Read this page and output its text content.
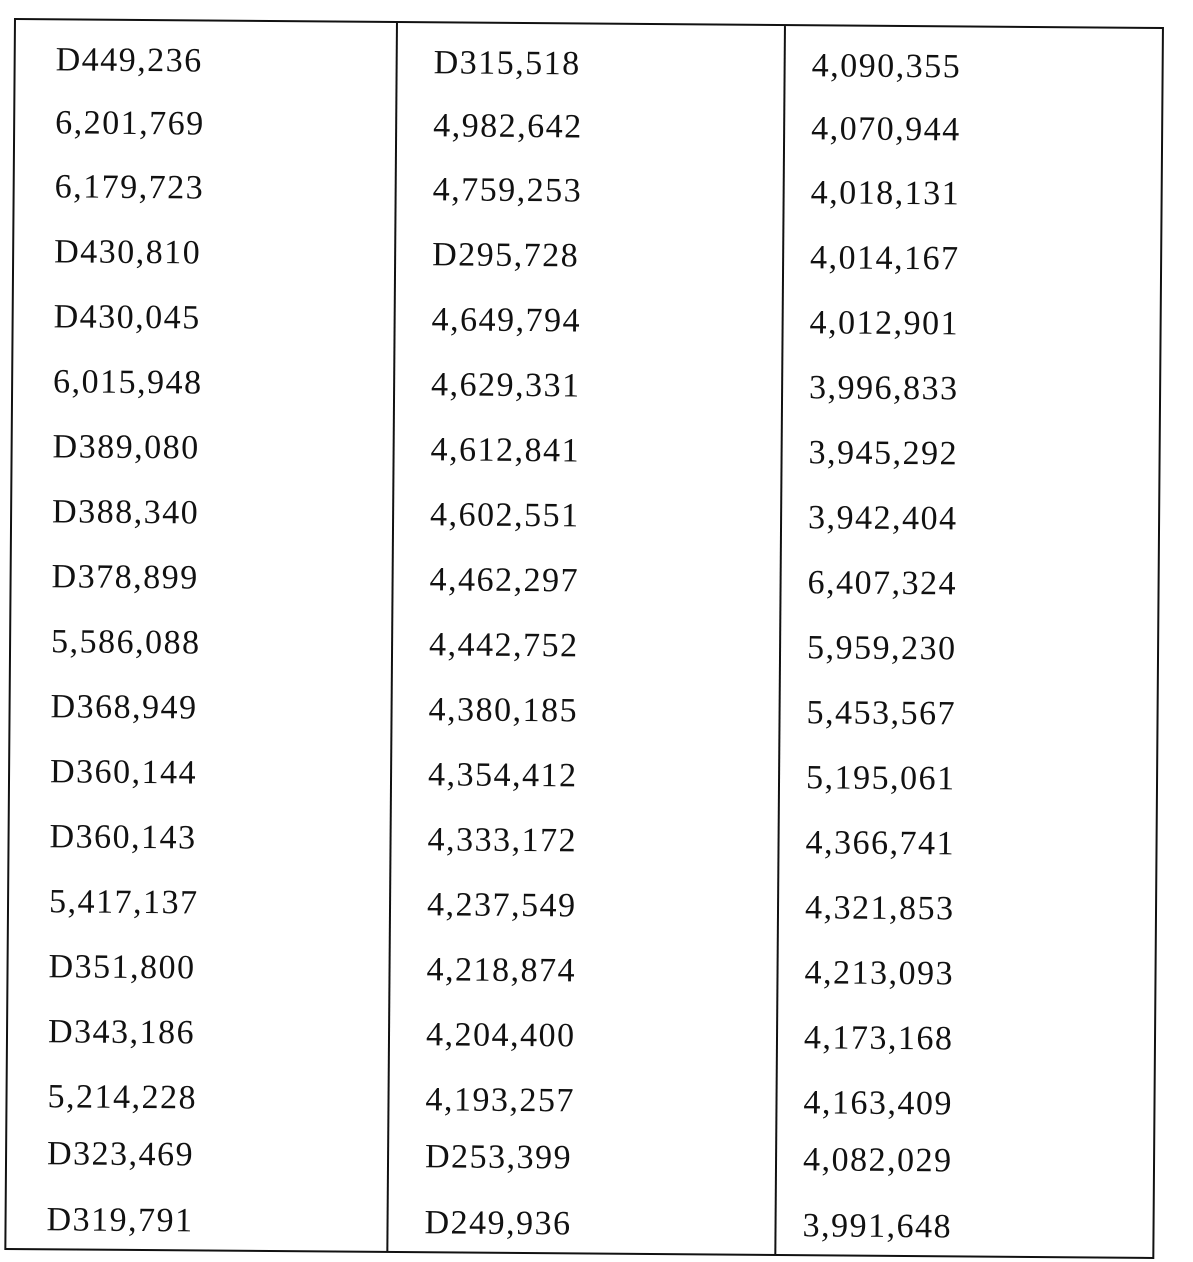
D449,236
6,201,769
6,179,723
D430,810
D430,045
6,015,948
D389,080
D388,340
D378,899
5,586,088
D368,949
D360,144
D360,143
5,417,137
D351,800
D343,186
5,214,228
D323,469
D319,791
D315,518
4,982,642
4,759,253
D295,728
4,649,794
4,629,331
4,612,841
4,602,551
4,462,297
4,442,752
4,380,185
4,354,412
4,333,172
4,237,549
4,218,874
4,204,400
4,193,257
D253,399
D249,936
4,090,355
4,070,944
4,018,131
4,014,167
4,012,901
3,996,833
3,945,292
3,942,404
6,407,324
5,959,230
5,453,567
5,195,061
4,366,741
4,321,853
4,213,093
4,173,168
4,163,409
4,082,029
3,991,648
